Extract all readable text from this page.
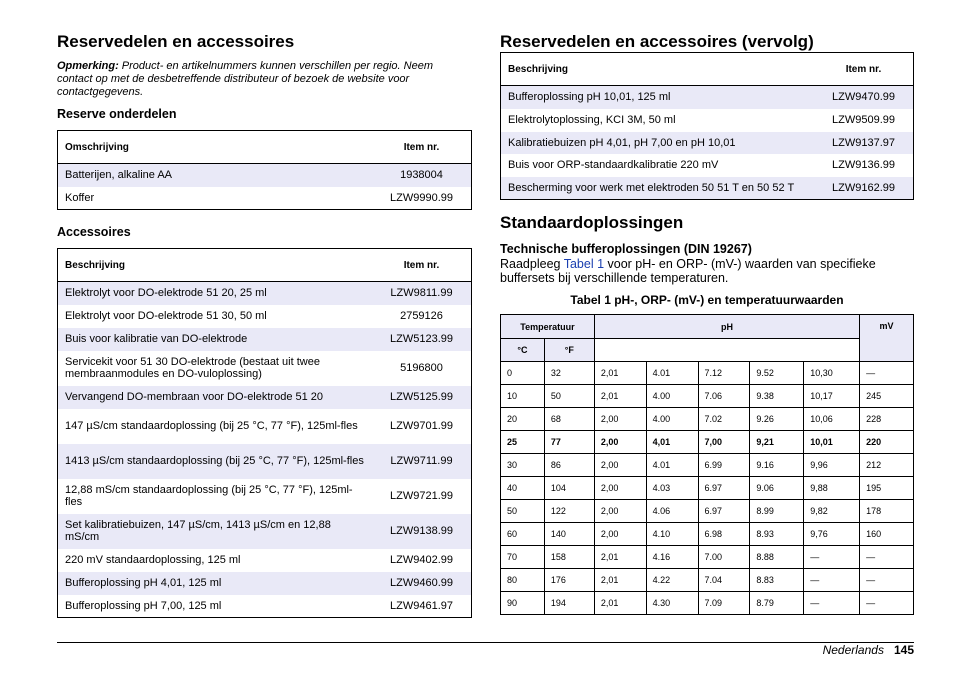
Reservedelen en accessoires
Opmerking: Product- en artikelnummers kunnen verschillen per regio. Neem contact op met de desbetreffende distributeur of bezoek de website voor contactgegevens.
Reserve onderdelen
Omschrijving	Item nr.
Batterijen, alkaline AA	1938004
Koffer	LZW9990.99
Accessoires
Beschrijving	Item nr.
Elektrolyt voor DO-elektrode 51 20, 25 ml	LZW9811.99
Elektrolyt voor DO-elektrode 51 30, 50 ml	2759126
Buis voor kalibratie van DO-elektrode	LZW5123.99
Servicekit voor 51 30 DO-elektrode (bestaat uit twee membraanmodules en DO-vuloplossing)	5196800
Vervangend DO-membraan voor DO-elektrode 51 20	LZW5125.99
147 µS/cm standaardoplossing (bij 25 °C, 77 °F), 125ml-fles	LZW9701.99
1413 µS/cm standaardoplossing (bij 25 °C, 77 °F), 125ml-fles	LZW9711.99
12,88 mS/cm standaardoplossing (bij 25 °C, 77 °F), 125ml-fles	LZW9721.99
Set kalibratiebuizen, 147 µS/cm, 1413 µS/cm en 12,88 mS/cm	LZW9138.99
220 mV standaardoplossing, 125 ml	LZW9402.99
Bufferoplossing pH 4,01, 125 ml	LZW9460.99
Bufferoplossing pH 7,00, 125 ml	LZW9461.97
Reservedelen en accessoires (vervolg)
Beschrijving	Item nr.
Bufferoplossing pH 10,01, 125 ml	LZW9470.99
Elektrolytoplossing, KCI 3M, 50 ml	LZW9509.99
Kalibratiebuizen pH 4,01, pH 7,00 en pH 10,01	LZW9137.97
Buis voor ORP-standaardkalibratie 220 mV	LZW9136.99
Bescherming voor werk met elektroden 50 51 T en 50 52 T	LZW9162.99
Standaardoplossingen
Technische bufferoplossingen (DIN 19267)
Raadpleeg Tabel 1 voor pH- en ORP- (mV-) waarden van specifieke buffersets bij verschillende temperaturen.
Tabel 1 pH-, ORP- (mV-) en temperatuurwaarden
Temperatuur		pH					mV
°C	°F						
0	32	2,01	4.01	7.12	9.52	10,30	—
10	50	2,01	4.00	7.06	9.38	10,17	245
20	68	2,00	4.00	7.02	9.26	10,06	228
25	77	2,00	4,01	7,00	9,21	10,01	220
30	86	2,00	4.01	6.99	9.16	9,96	212
40	104	2,00	4.03	6.97	9.06	9,88	195
50	122	2,00	4.06	6.97	8.99	9,82	178
60	140	2,00	4.10	6.98	8.93	9,76	160
70	158	2,01	4.16	7.00	8.88	—	—
80	176	2,01	4.22	7.04	8.83	—	—
90	194	2,01	4.30	7.09	8.79	—	—
Nederlands 145
